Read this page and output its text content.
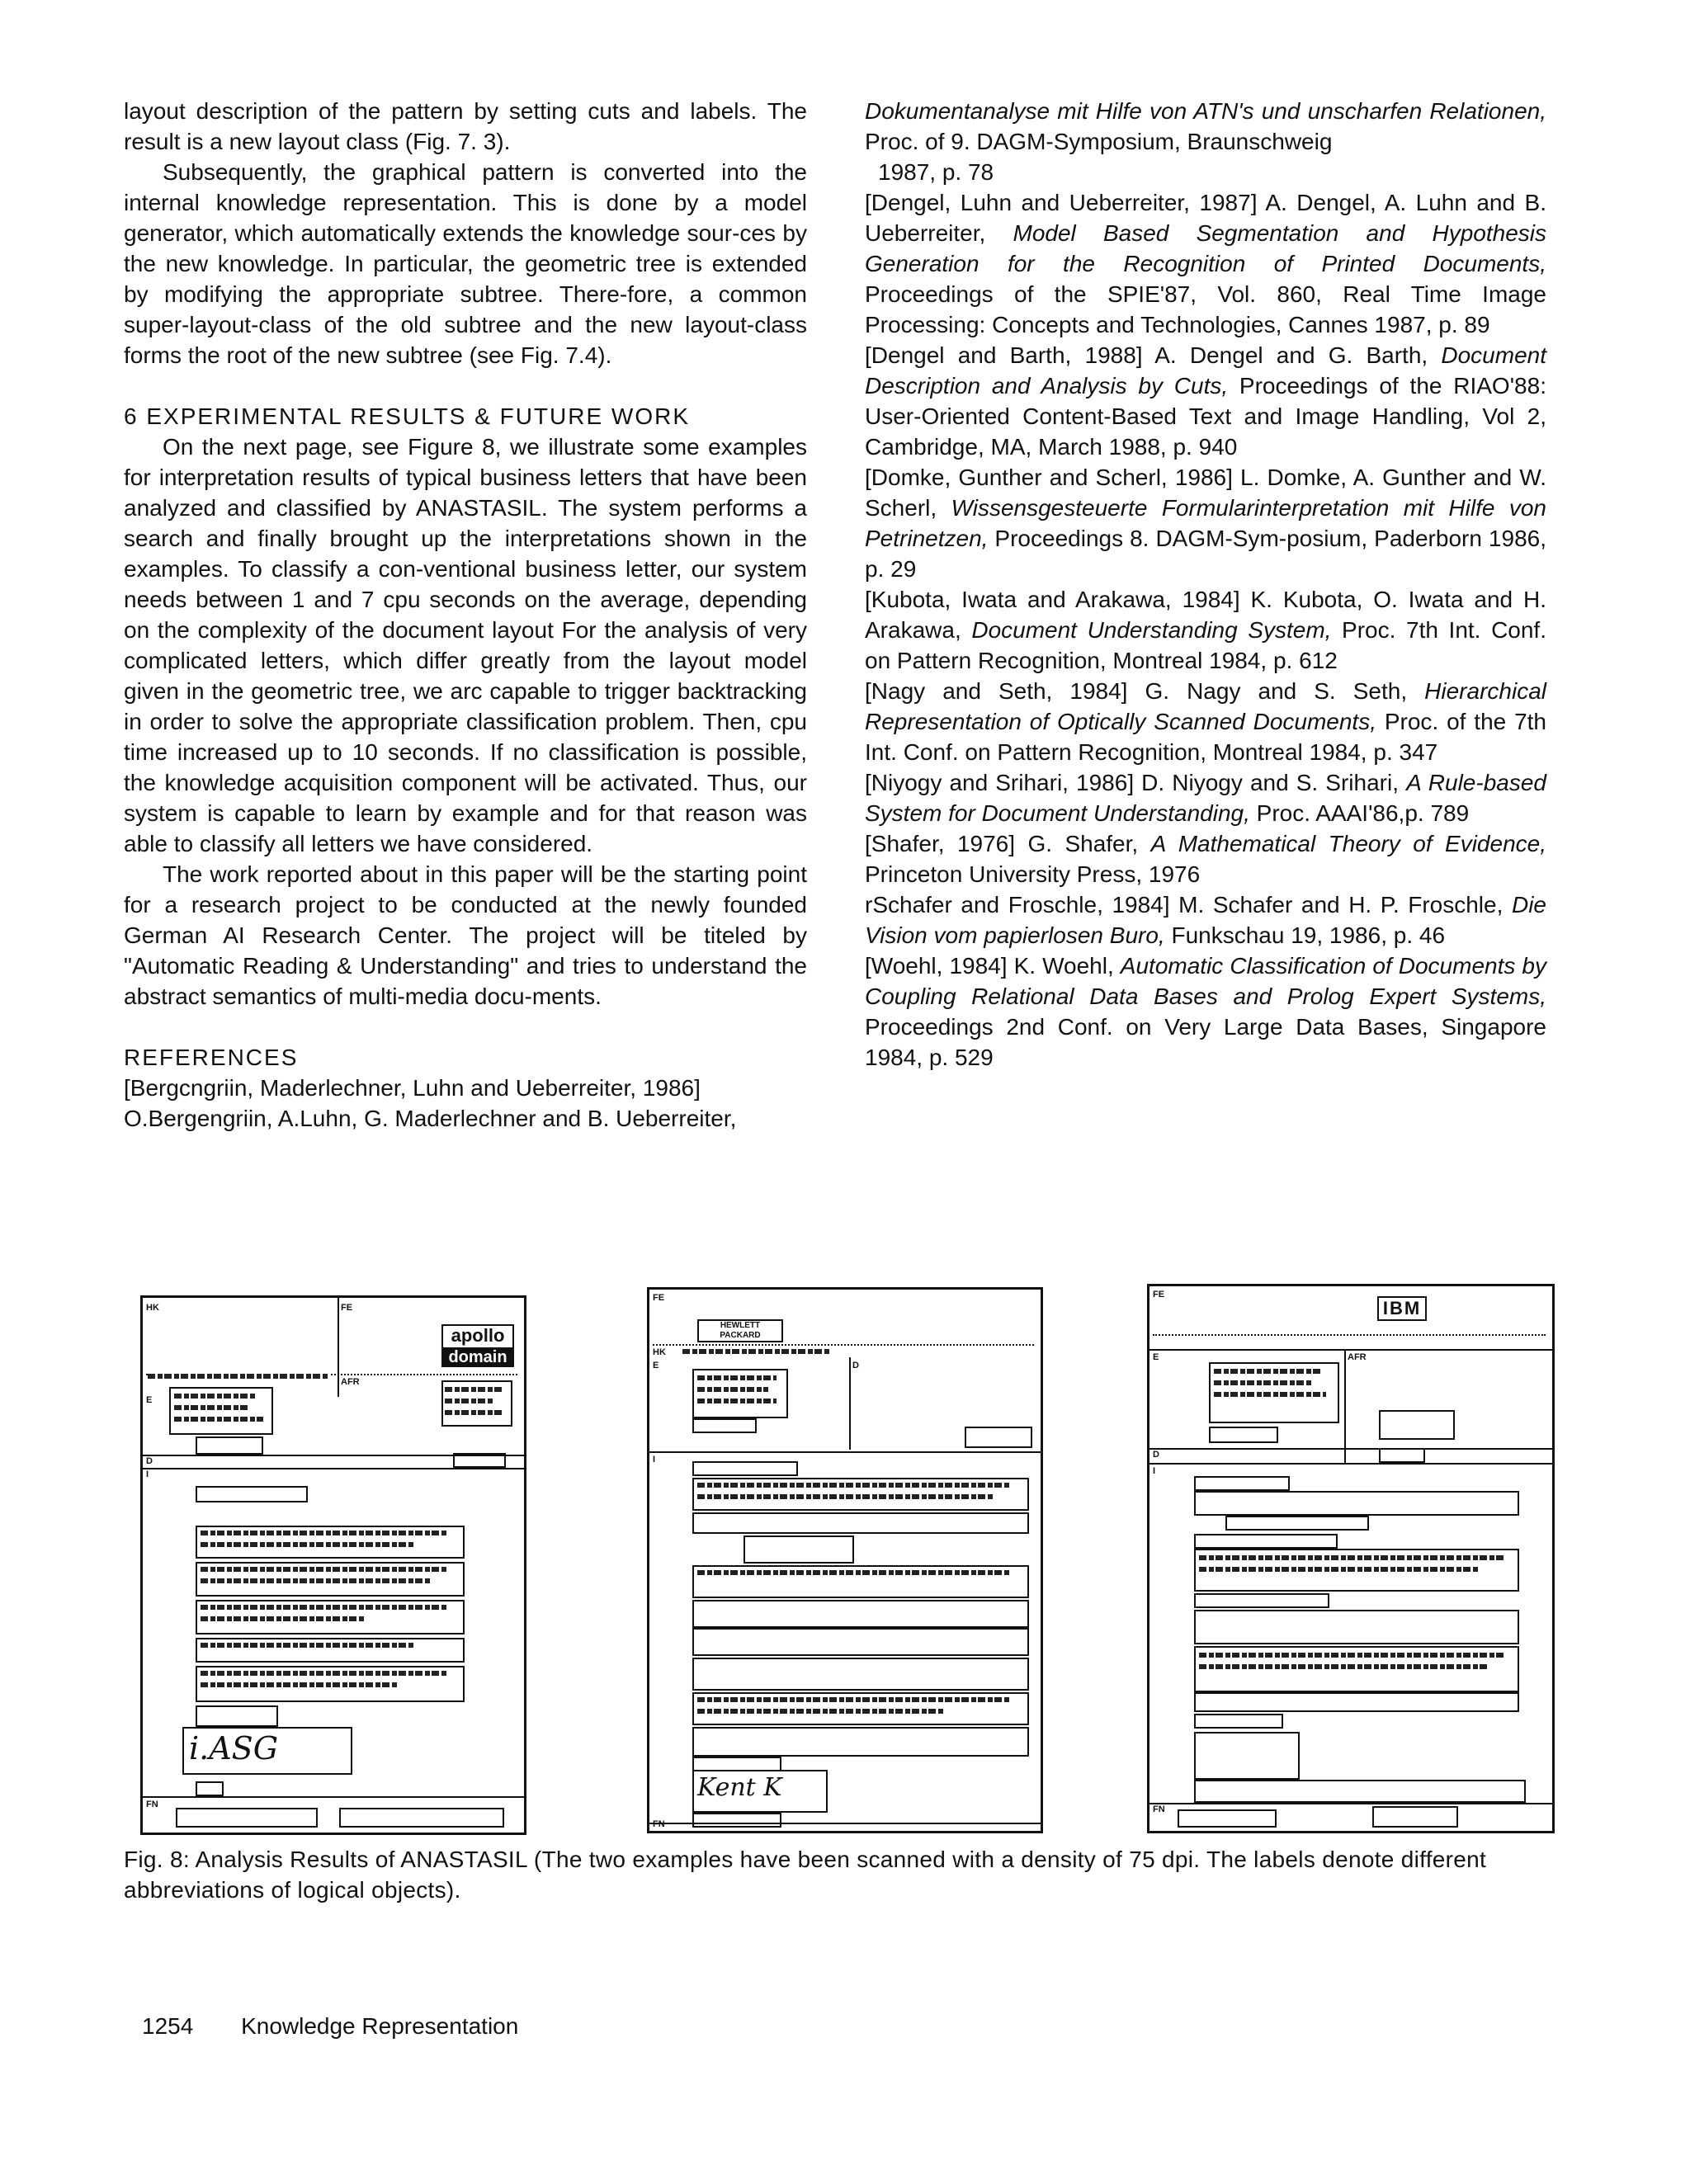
layout description of the pattern by setting cuts and labels. The result is a new layout class (Fig. 7. 3).

Subsequently, the graphical pattern is converted into the internal knowledge representation. This is done by a model generator, which automatically extends the knowledge sour-ces by the new knowledge. In particular, the geometric tree is extended by modifying the appropriate subtree. There-fore, a common super-layout-class of the old subtree and the new layout-class forms the root of the new subtree (see Fig. 7.4).

6 EXPERIMENTAL RESULTS & FUTURE WORK

On the next page, see Figure 8, we illustrate some examples for interpretation results of typical business letters that have been analyzed and classified by ANASTASIL. The system performs a search and finally brought up the interpretations shown in the examples. To classify a con-ventional business letter, our system needs between 1 and 7 cpu seconds on the average, depending on the complexity of the document layout For the analysis of very complicated letters, which differ greatly from the layout model given in the geometric tree, we arc capable to trigger backtracking in order to solve the appropriate classification problem. Then, cpu time increased up to 10 seconds. If no classification is possible, the knowledge acquisition component will be activated. Thus, our system is capable to learn by example and for that reason was able to classify all letters we have considered.

The work reported about in this paper will be the starting point for a research project to be conducted at the newly founded German AI Research Center. The project will be titeled by "Automatic Reading & Understanding" and tries to understand the abstract semantics of multi-media docu-ments.

REFERENCES

[Bergcngriin, Maderlechner, Luhn and Ueberreiter, 1986]

O.Bergengriin, A.Luhn, G. Maderlechner and B. Ueberreiter,

Dokumentanalyse mit Hilfe von ATN's und unscharfen Relationen, Proc. of 9. DAGM-Symposium, Braunschweig

1987, p. 78

[Dengel, Luhn and Ueberreiter, 1987] A. Dengel, A. Luhn and B. Ueberreiter, Model Based Segmentation and Hypothesis Generation for the Recognition of Printed Documents, Proceedings of the SPIE'87, Vol. 860, Real Time Image Processing: Concepts and Technologies, Cannes 1987, p. 89

[Dengel and Barth, 1988] A. Dengel and G. Barth, Document Description and Analysis by Cuts, Proceedings of the RIAO'88: User-Oriented Content-Based Text and Image Handling, Vol 2, Cambridge, MA, March 1988, p. 940

[Domke, Gunther and Scherl, 1986] L. Domke, A. Gunther and W. Scherl, Wissensgesteuerte Formularinterpretation mit Hilfe von Petrinetzen, Proceedings 8. DAGM-Sym-posium, Paderborn 1986, p. 29

[Kubota, Iwata and Arakawa, 1984] K. Kubota, O. Iwata and H. Arakawa, Document Understanding System, Proc. 7th Int. Conf. on Pattern Recognition, Montreal 1984, p. 612

[Nagy and Seth, 1984] G. Nagy and S. Seth, Hierarchical Representation of Optically Scanned Documents, Proc. of the 7th Int. Conf. on Pattern Recognition, Montreal 1984, p. 347

[Niyogy and Srihari, 1986] D. Niyogy and S. Srihari, A Rule-based System for Document Understanding, Proc. AAAI'86,p. 789

[Shafer, 1976] G. Shafer, A Mathematical Theory of Evidence, Princeton University Press, 1976

rSchafer and Froschle, 1984] M. Schafer and H. P. Froschle, Die Vision vom papierlosen Buro, Funkschau 19, 1986, p. 46

[Woehl, 1984] K. Woehl, Automatic Classification of Documents by Coupling Relational Data Bases and Prolog Expert Systems, Proceedings 2nd Conf. on Very Large Data Bases, Singapore 1984, p. 529

HK	FE
apollo
domain
AFR
E
D
I
i.ASG
FN
FE
HEWLETT PACKARD
HK
E	D
I
Kent K
FN
FE
IBM
E	AFR
D
I
FN
Fig. 8: Analysis Results of ANASTASIL (The two examples have been scanned with a density of 75 dpi. The labels denote different abbreviations of logical objects).
1254 Knowledge Representation
